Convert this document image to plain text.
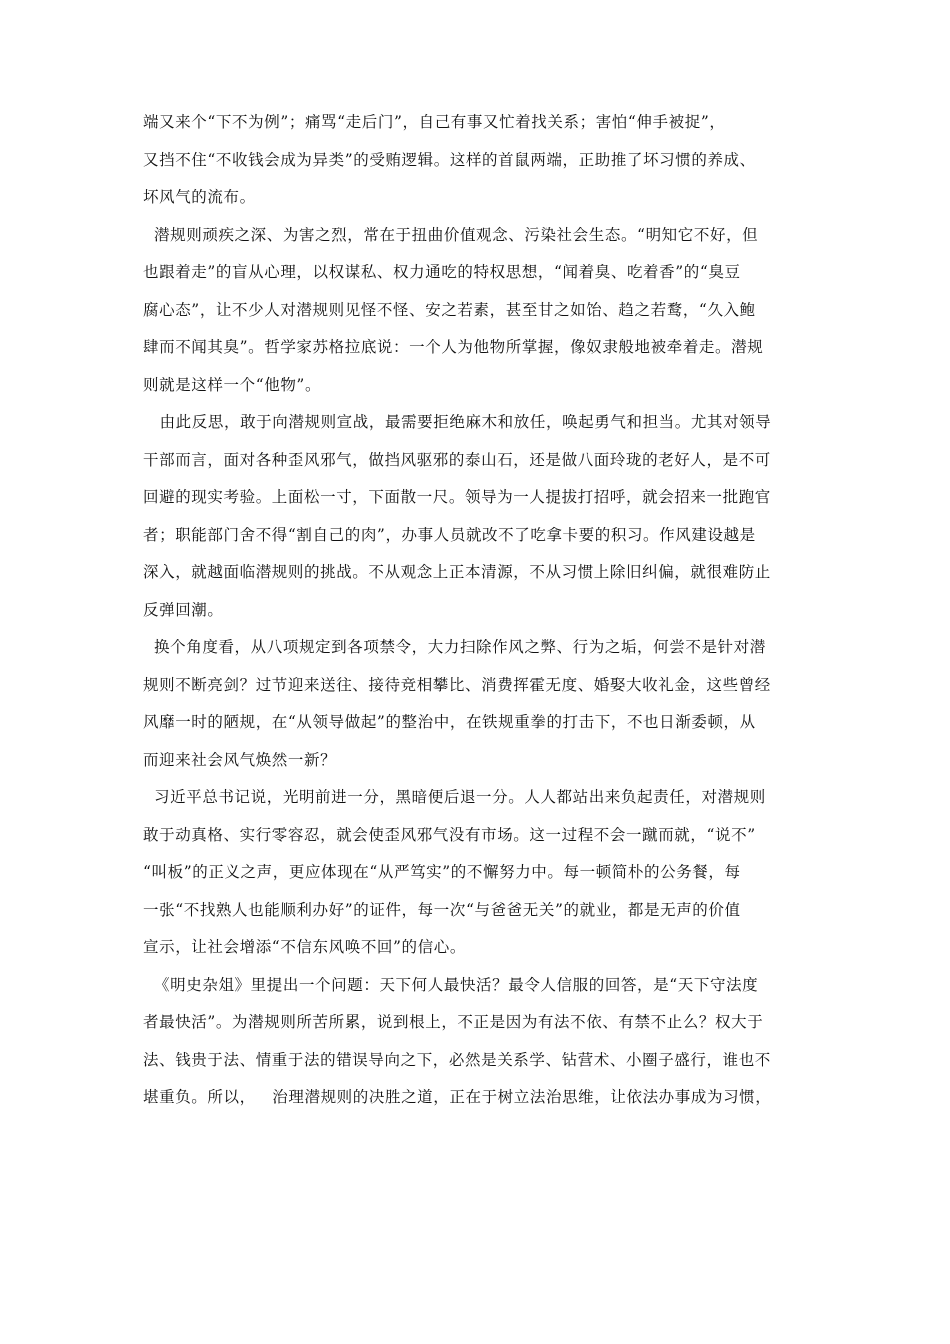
端又来个“下不为例”；痛骂“走后门”，自己有事又忙着找关系；害怕“伸手被捉”，
又挡不住“不收钱会成为异类”的受贿逻辑。这样的首鼠两端，正助推了坏习惯的养成、
坏风气的流布。
潜规则顽疾之深、为害之烈，常在于扭曲价值观念、污染社会生态。“明知它不好，但
也跟着走”的盲从心理，以权谋私、权力通吃的特权思想，“闻着臭、吃着香”的“臭豆
腐心态”，让不少人对潜规则见怪不怪、安之若素，甚至甘之如饴、趋之若鹜，“久入鲍
肆而不闻其臭”。哲学家苏格拉底说：一个人为他物所掌握，像奴隶般地被牵着走。潜规
则就是这样一个“他物”。
由此反思，敢于向潜规则宣战，最需要拒绝麻木和放任，唤起勇气和担当。尤其对领导
干部而言，面对各种歪风邪气，做挡风驱邪的泰山石，还是做八面玲珑的老好人，是不可
回避的现实考验。上面松一寸，下面散一尺。领导为一人提拔打招呼，就会招来一批跑官
者；职能部门舍不得“割自己的肉”，办事人员就改不了吃拿卡要的积习。作风建设越是
深入，就越面临潜规则的挑战。不从观念上正本清源，不从习惯上除旧纠偏，就很难防止
反弹回潮。
换个角度看，从八项规定到各项禁令，大力扫除作风之弊、行为之垢，何尝不是针对潜
规则不断亮剑？过节迎来送往、接待竞相攀比、消费挥霍无度、婚娶大收礼金，这些曾经
风靡一时的陋规，在“从领导做起”的整治中，在铁规重拳的打击下，不也日渐委顿，从
而迎来社会风气焕然一新？
习近平总书记说，光明前进一分，黑暗便后退一分。人人都站出来负起责任，对潜规则
敢于动真格、实行零容忍，就会使歪风邪气没有市场。这一过程不会一蹴而就，“说不”
“叫板”的正义之声，更应体现在“从严笃实”的不懈努力中。每一顿简朴的公务餐，每
一张“不找熟人也能顺利办好”的证件，每一次“与爸爸无关”的就业，都是无声的价值
宣示，让社会增添“不信东风唤不回”的信心。
《明史杂俎》里提出一个问题：天下何人最快活？最令人信服的回答，是“天下守法度
者最快活”。为潜规则所苦所累，说到根上，不正是因为有法不依、有禁不止么？权大于
法、钱贵于法、情重于法的错误导向之下，必然是关系学、钻营术、小圈子盛行，谁也不
堪重负。所以，   治理潜规则的决胜之道，正在于树立法治思维，让依法办事成为习惯，
